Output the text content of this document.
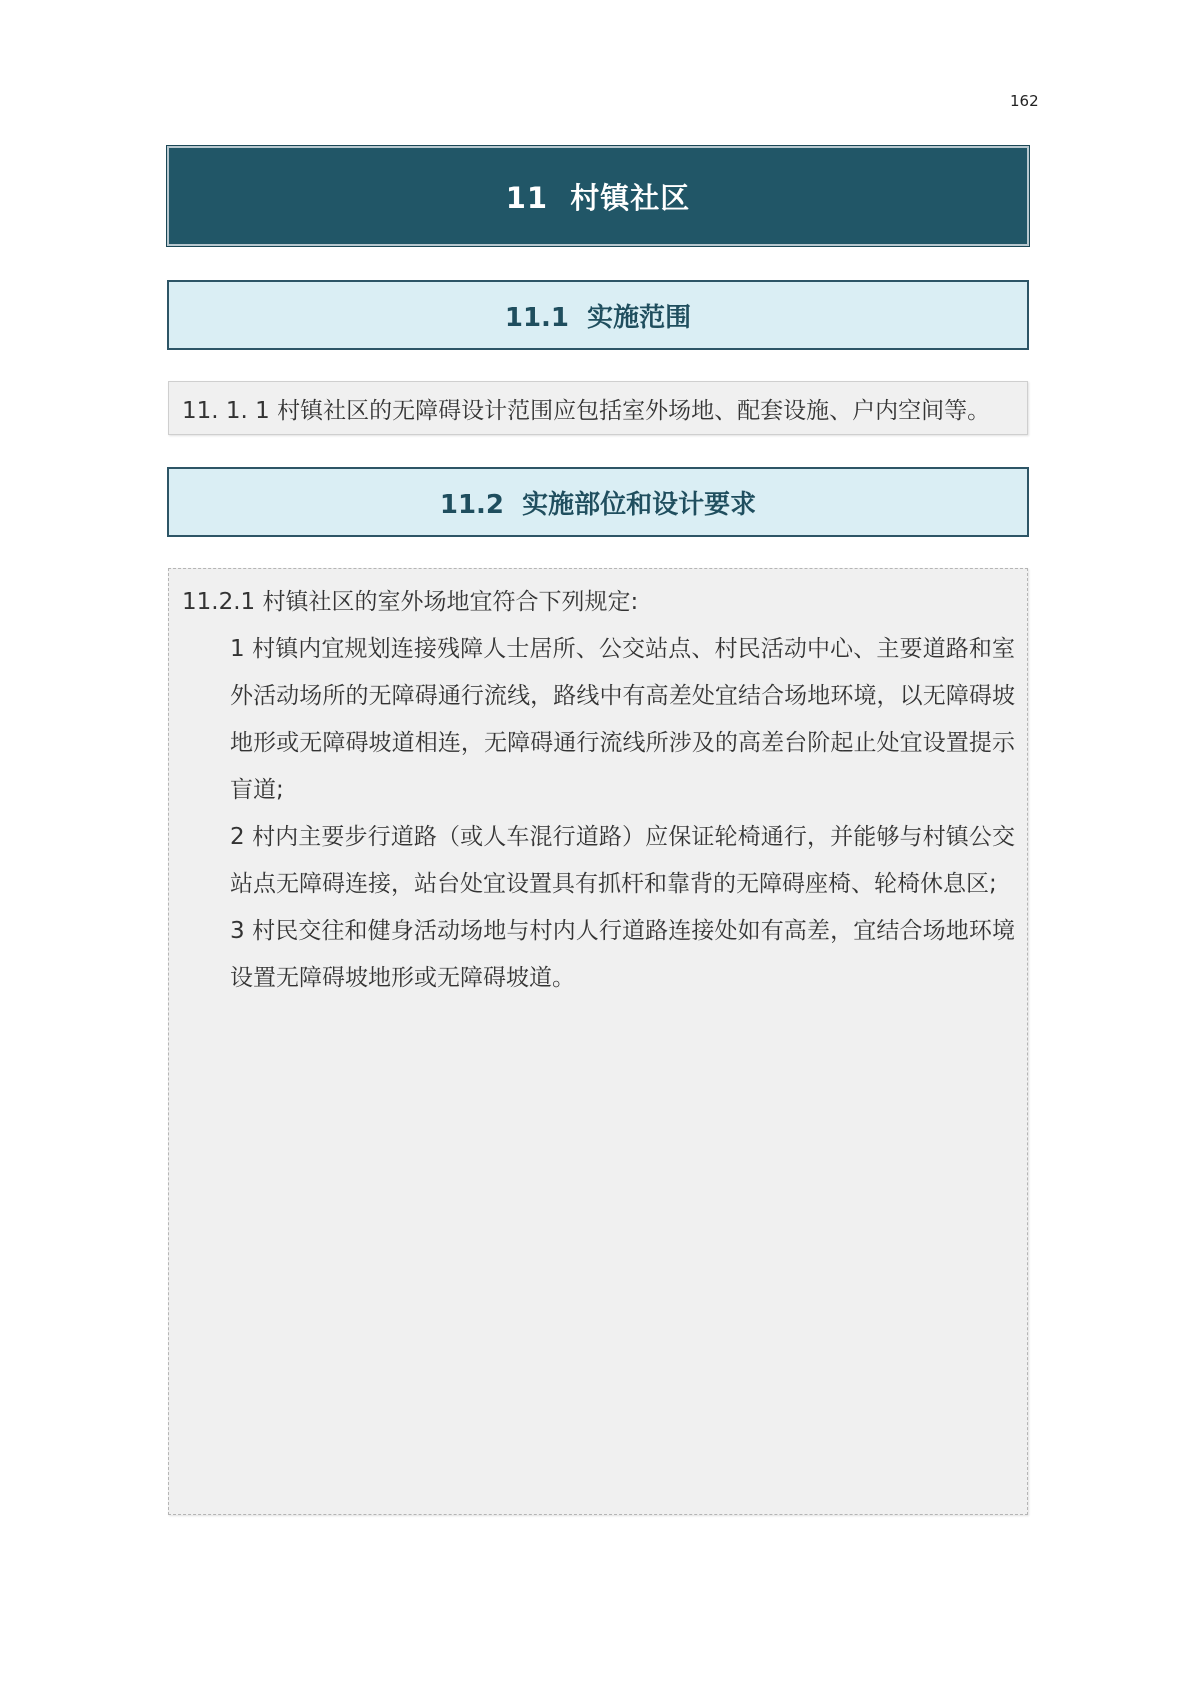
162
11  村镇社区
11.1  实施范围
11. 1. 1 村镇社区的无障碍设计范围应包括室外场地、配套设施、户内空间等。
11.2  实施部位和设计要求
11.2.1 村镇社区的室外场地宜符合下列规定:
1 村镇内宜规划连接残障人士居所、公交站点、村民活动中心、主要道路和室外活动场所的无障碍通行流线，路线中有高差处宜结合场地环境，以无障碍坡地形或无障碍坡道相连，无障碍通行流线所涉及的高差台阶起止处宜设置提示盲道;
2 村内主要步行道路（或人车混行道路）应保证轮椅通行，并能够与村镇公交站点无障碍连接，站台处宜设置具有抓杆和靠背的无障碍座椅、轮椅休息区;
3 村民交往和健身活动场地与村内人行道路连接处如有高差，宜结合场地环境设置无障碍坡地形或无障碍坡道。
